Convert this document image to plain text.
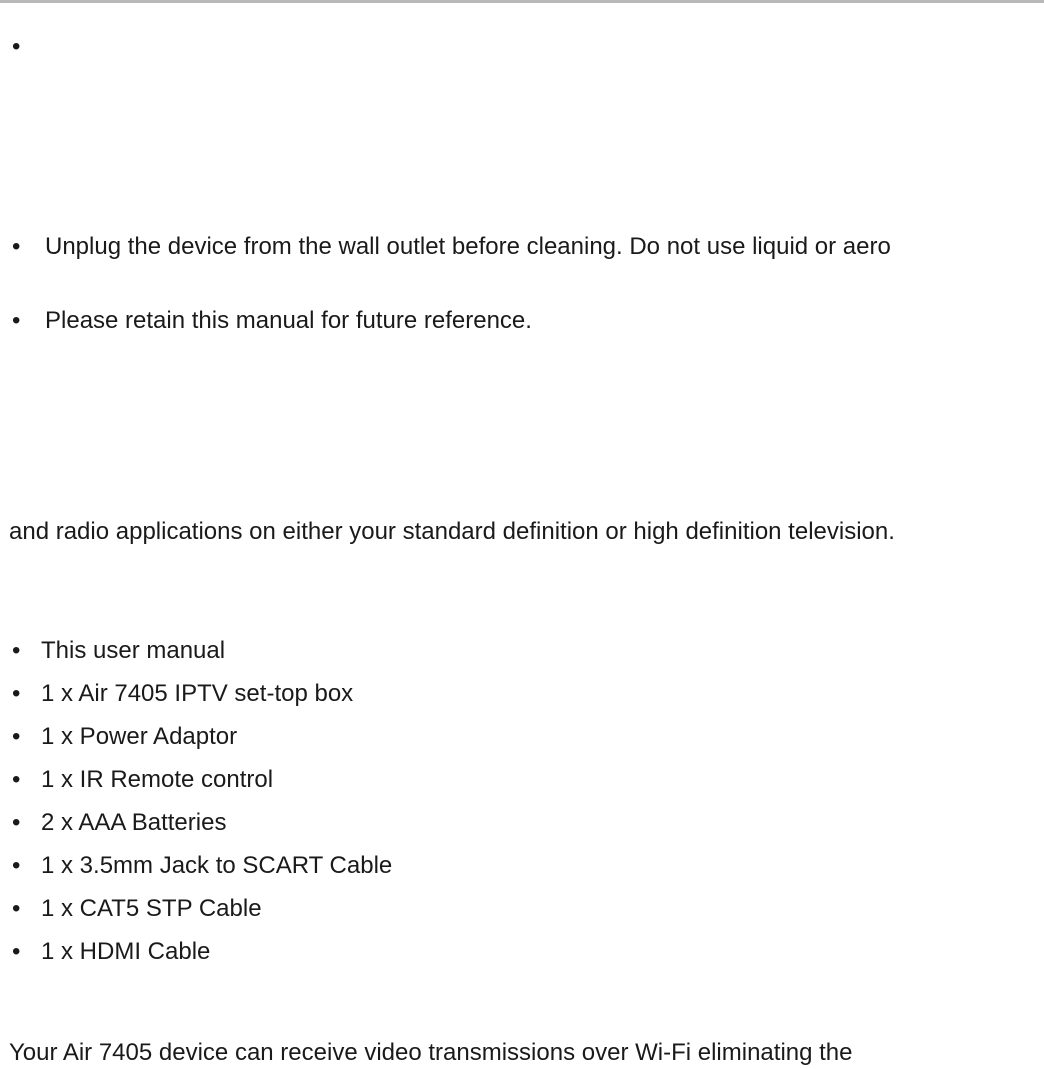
•
• Unplug the device from the wall outlet before cleaning. Do not use liquid or aero
• Please retain this manual for future reference.
and radio applications on either your standard definition or high definition television.
• This user manual
• 1 x Air 7405 IPTV set-top box
• 1 x Power Adaptor
• 1 x IR Remote control
• 2 x AAA Batteries
• 1 x 3.5mm Jack to SCART Cable
• 1 x CAT5 STP Cable
• 1 x HDMI Cable
Your Air 7405 device can receive video transmissions over Wi-Fi eliminating the
